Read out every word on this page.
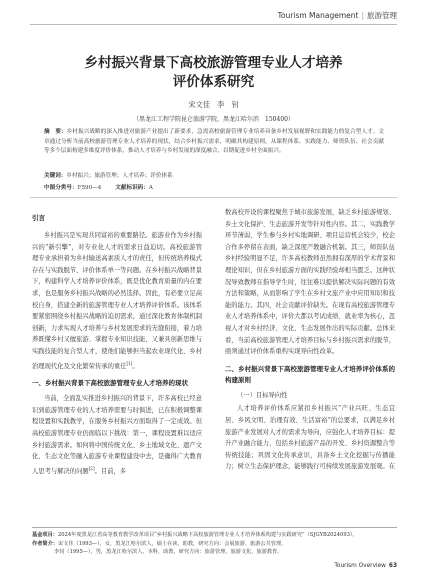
Tourism Management | 旅游管理
乡村振兴背景下高校旅游管理专业人才培养
评价体系研究
宋文佳　李　钊
（黑龙江工程学院昆仑旅游学院，黑龙江哈尔滨　150400）
摘　要：乡村振兴战略的深入推进对旅游产业提出了新要求，急需高校旅游管理专业培养具备乡村发展视野和实践能力的复合型人才。文章通过分析当前高校旅游管理专业人才培养的现状，结合乡村振兴需求，明确其构建原则，从课程体系、实践能力、师资队伍、社会贡献等多个层面构建多维度评价体系，推动人才培养与乡村发展的深度融合，以期促进乡村全面振兴。
关键词：乡村振兴；旅游管理；人才培养；评价体系
中图分类号：F590—4	文献标识码：A
引言

乡村振兴是实现共同富裕的重要路径。旅游业作为乡村振兴的“新引擎”，对专业化人才的需求日益迫切。高校旅游管理专业承担着为乡村输送高素质人才的责任，但传统培养模式存在与实践脱节、评价体系单一等问题。在乡村振兴战略背景下，构建科学人才培养评价体系，既是优化教育质量的内在要求，也是服务乡村振兴战略的必然选择。因此，有必要立足高校自身，搭建全新的旅游管理专业人才培养评价体系。该体系要紧密围绕乡村振兴战略的迫切需求，通过深化教育体制机制创新，力求实现人才培养与乡村发展需求的无缝衔接，着力培养既懂乡村又擅旅游、掌握专业知识技能，又兼具创新思维与实践技能的复合型人才，使他们能够担当起农业现代化、乡村治理现代化及文化繁荣传承的重任[1]。

一、乡村振兴背景下高校旅游管理专业人才培养的现状

当前，全面乱实推进乡村振兴的背景下，许多高校已经意识到旅游管理专业的人才培养需要与时俱进，已在积极调整课程设置和实践教学，在服务乡村振兴方面取得了一定成效。但高校旅游管理专业仍面临以下挑战：第一，课程设置难以适应乡村旅游需求。如何将中国传统文化、乡土地域文化、遗产文化、生态文化等融入旅游专业课程建设中去，是确得广大教育人思考与解决的问题[2]。目前，多

数高校开设的课程聚焦于城市旅游发展，缺乏乡村旅游规划、乡土文化保护、生态旅游开发等针对性内容。其二，实践教学环节薄弱，学生参与乡村实地调研、项目运营机会较少，校企合作多停留在表面，缺乏深度产教融合机制。其三，师资队伍乡村经验明显不足，许多高校教师虽然拥有深厚的学术背景和理论知识，但在乡村旅游方面的实践经验却相当匮乏。这种状况导致教师在指导学生时，往往难以提供解决实际问题的有效方法和策略，从而影响了学生在乡村文旅产业中应用知识和技能的能力。其四，社会贡献评价缺失。在现有高校旅游管理专业人才培养体系中，评价大都以考试成绩、就业率为核心，忽视人才对乡村经济、文化、生态发展作出的实际贡献。总体来看，当前高校旅游管理人才培养目标与乡村振兴需求的脱节，亟须通过评价体系重构实现导向性改革。

二、乡村振兴背景下高校旅游管理专业人才培养评价体系的构建原则
（一）目标导向性

人才培养评价体系应紧扣乡村振兴“产业兴旺、生态宜居、乡风文明、治理有效、生活富裕”的总要求，以满足乡村旅游产业发展对人才的需求为导向，应强化人才培养目标：提升产业融合能力，包括乡村旅游产品的开发、乡村资源整合等传统技能；巩固文化传承意识，具备乡土文化挖掘与传播能力；树立生态保护理念，能够践行可持续发展旅游发展观。在

基金项目：2024年度黑龙江省高等教育教学改革项目“乡村振兴战略下高校旅游管理专业人才培养体系构建与实践研究”（SJGYB2024093）。
作者简介：宋文佳（1993—），女，黑龙江哈尔滨人，硕士在读，助教，研究方向：会展旅游、旅游公共管理。
李钊（1995—），男，黑龙江哈尔滨人，本科，助教，研究方向：旅游管理、旅游文化、旅游教育。
Tourism Overview 63
